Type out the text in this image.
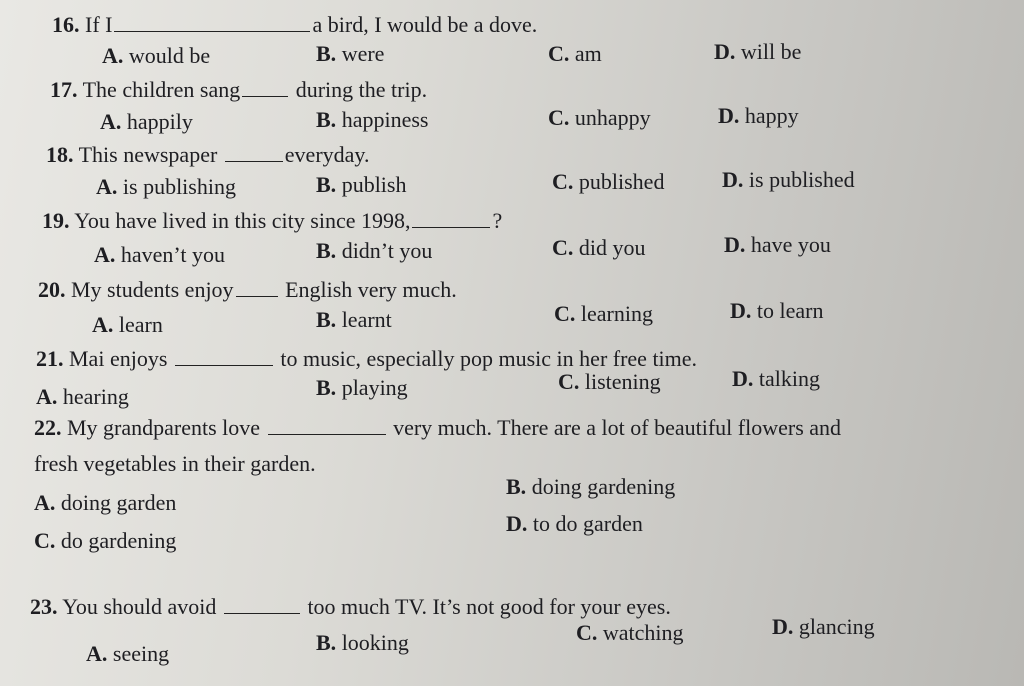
16. If I	a bird, I would be a dove.
A. would be	B. were	C. am	D. will be
17. The children sang	during the trip.
A. happily	B. happiness	C. unhappy	D. happy
18. This newspaper	everyday.
A. is publishing	B. publish	C. published	D. is published
19. You have lived in this city since 1998,	?
A. haven’t you	B. didn’t you	C. did you	D. have you
20. My students enjoy English very much.
A. learn	B. learnt	C. learning	D. to learn
21. Mai enjoys	to music, especially pop music in her free time.
A. hearing	B. playing	C. listening	D. talking
22. My grandparents love	very much. There are a lot of beautiful flowers and
fresh vegetables in their garden.
A. doing garden
B. doing gardening
C. do gardening
D. to do garden
23. You should avoid	too much TV. It’s not good for your eyes.
A. seeing	B. looking	C. watching	D. glancing
